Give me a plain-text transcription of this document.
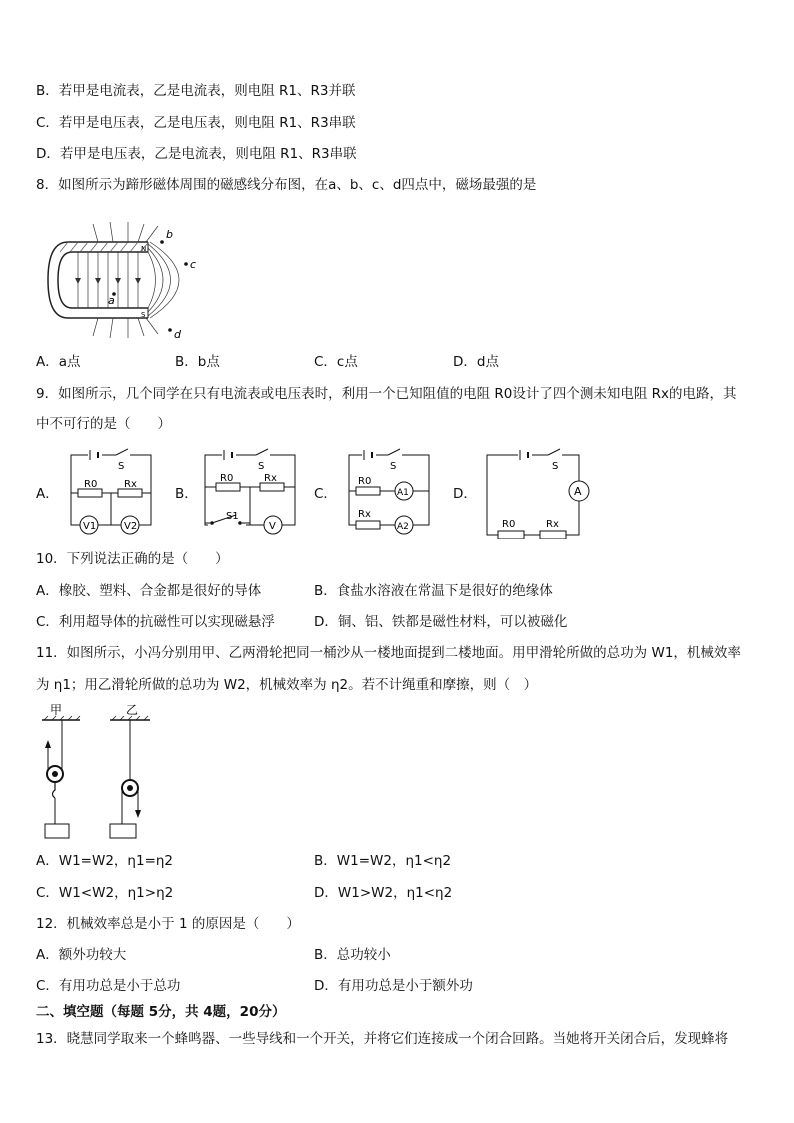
B．若甲是电流表，乙是电流表，则电阻 R1、R3并联
C．若甲是电压表，乙是电压表，则电阻 R1、R3串联
D．若甲是电压表，乙是电流表，则电阻 R1、R3串联
8．如图所示为蹄形磁体周围的磁感线分布图，在a、b、c、d四点中，磁场最强的是
a
b
c
d
N
S
A．a点	B．b点	C．c点	D．d点
9．如图所示，几个同学在只有电流表或电压表时，利用一个已知阻值的电阻 R0设计了四个测未知电阻 Rx的电路，其
中不可行的是（　　）
A．
S
R0	Rx
V1	V2
B．
S
R0	Rx
S1
V
C．
S
R0
A1
Rx
A2
D．
S
A
R0	Rx
10．下列说法正确的是（　　）
A．橡胶、塑料、合金都是很好的导体	B．食盐水溶液在常温下是很好的绝缘体
C．利用超导体的抗磁性可以实现磁悬浮	D．铜、铝、铁都是磁性材料，可以被磁化
11．如图所示，小冯分别用甲、乙两滑轮把同一桶沙从一楼地面提到二楼地面。用甲滑轮所做的总功为 W1，机械效率
为 η1；用乙滑轮所做的总功为 W2，机械效率为 η2。若不计绳重和摩擦，则（　）
甲	乙
A．W1=W2，η1=η2	B．W1=W2，η1<η2
C．W1<W2，η1>η2	D．W1>W2，η1<η2
12．机械效率总是小于 1 的原因是（　　）
A．额外功较大	B．总功较小
C．有用功总是小于总功	D．有用功总是小于额外功
二、填空题（每题 5分，共 4题，20分）
13．晓慧同学取来一个蜂鸣器、一些导线和一个开关，并将它们连接成一个闭合回路。当她将开关闭合后，发现蜂将
